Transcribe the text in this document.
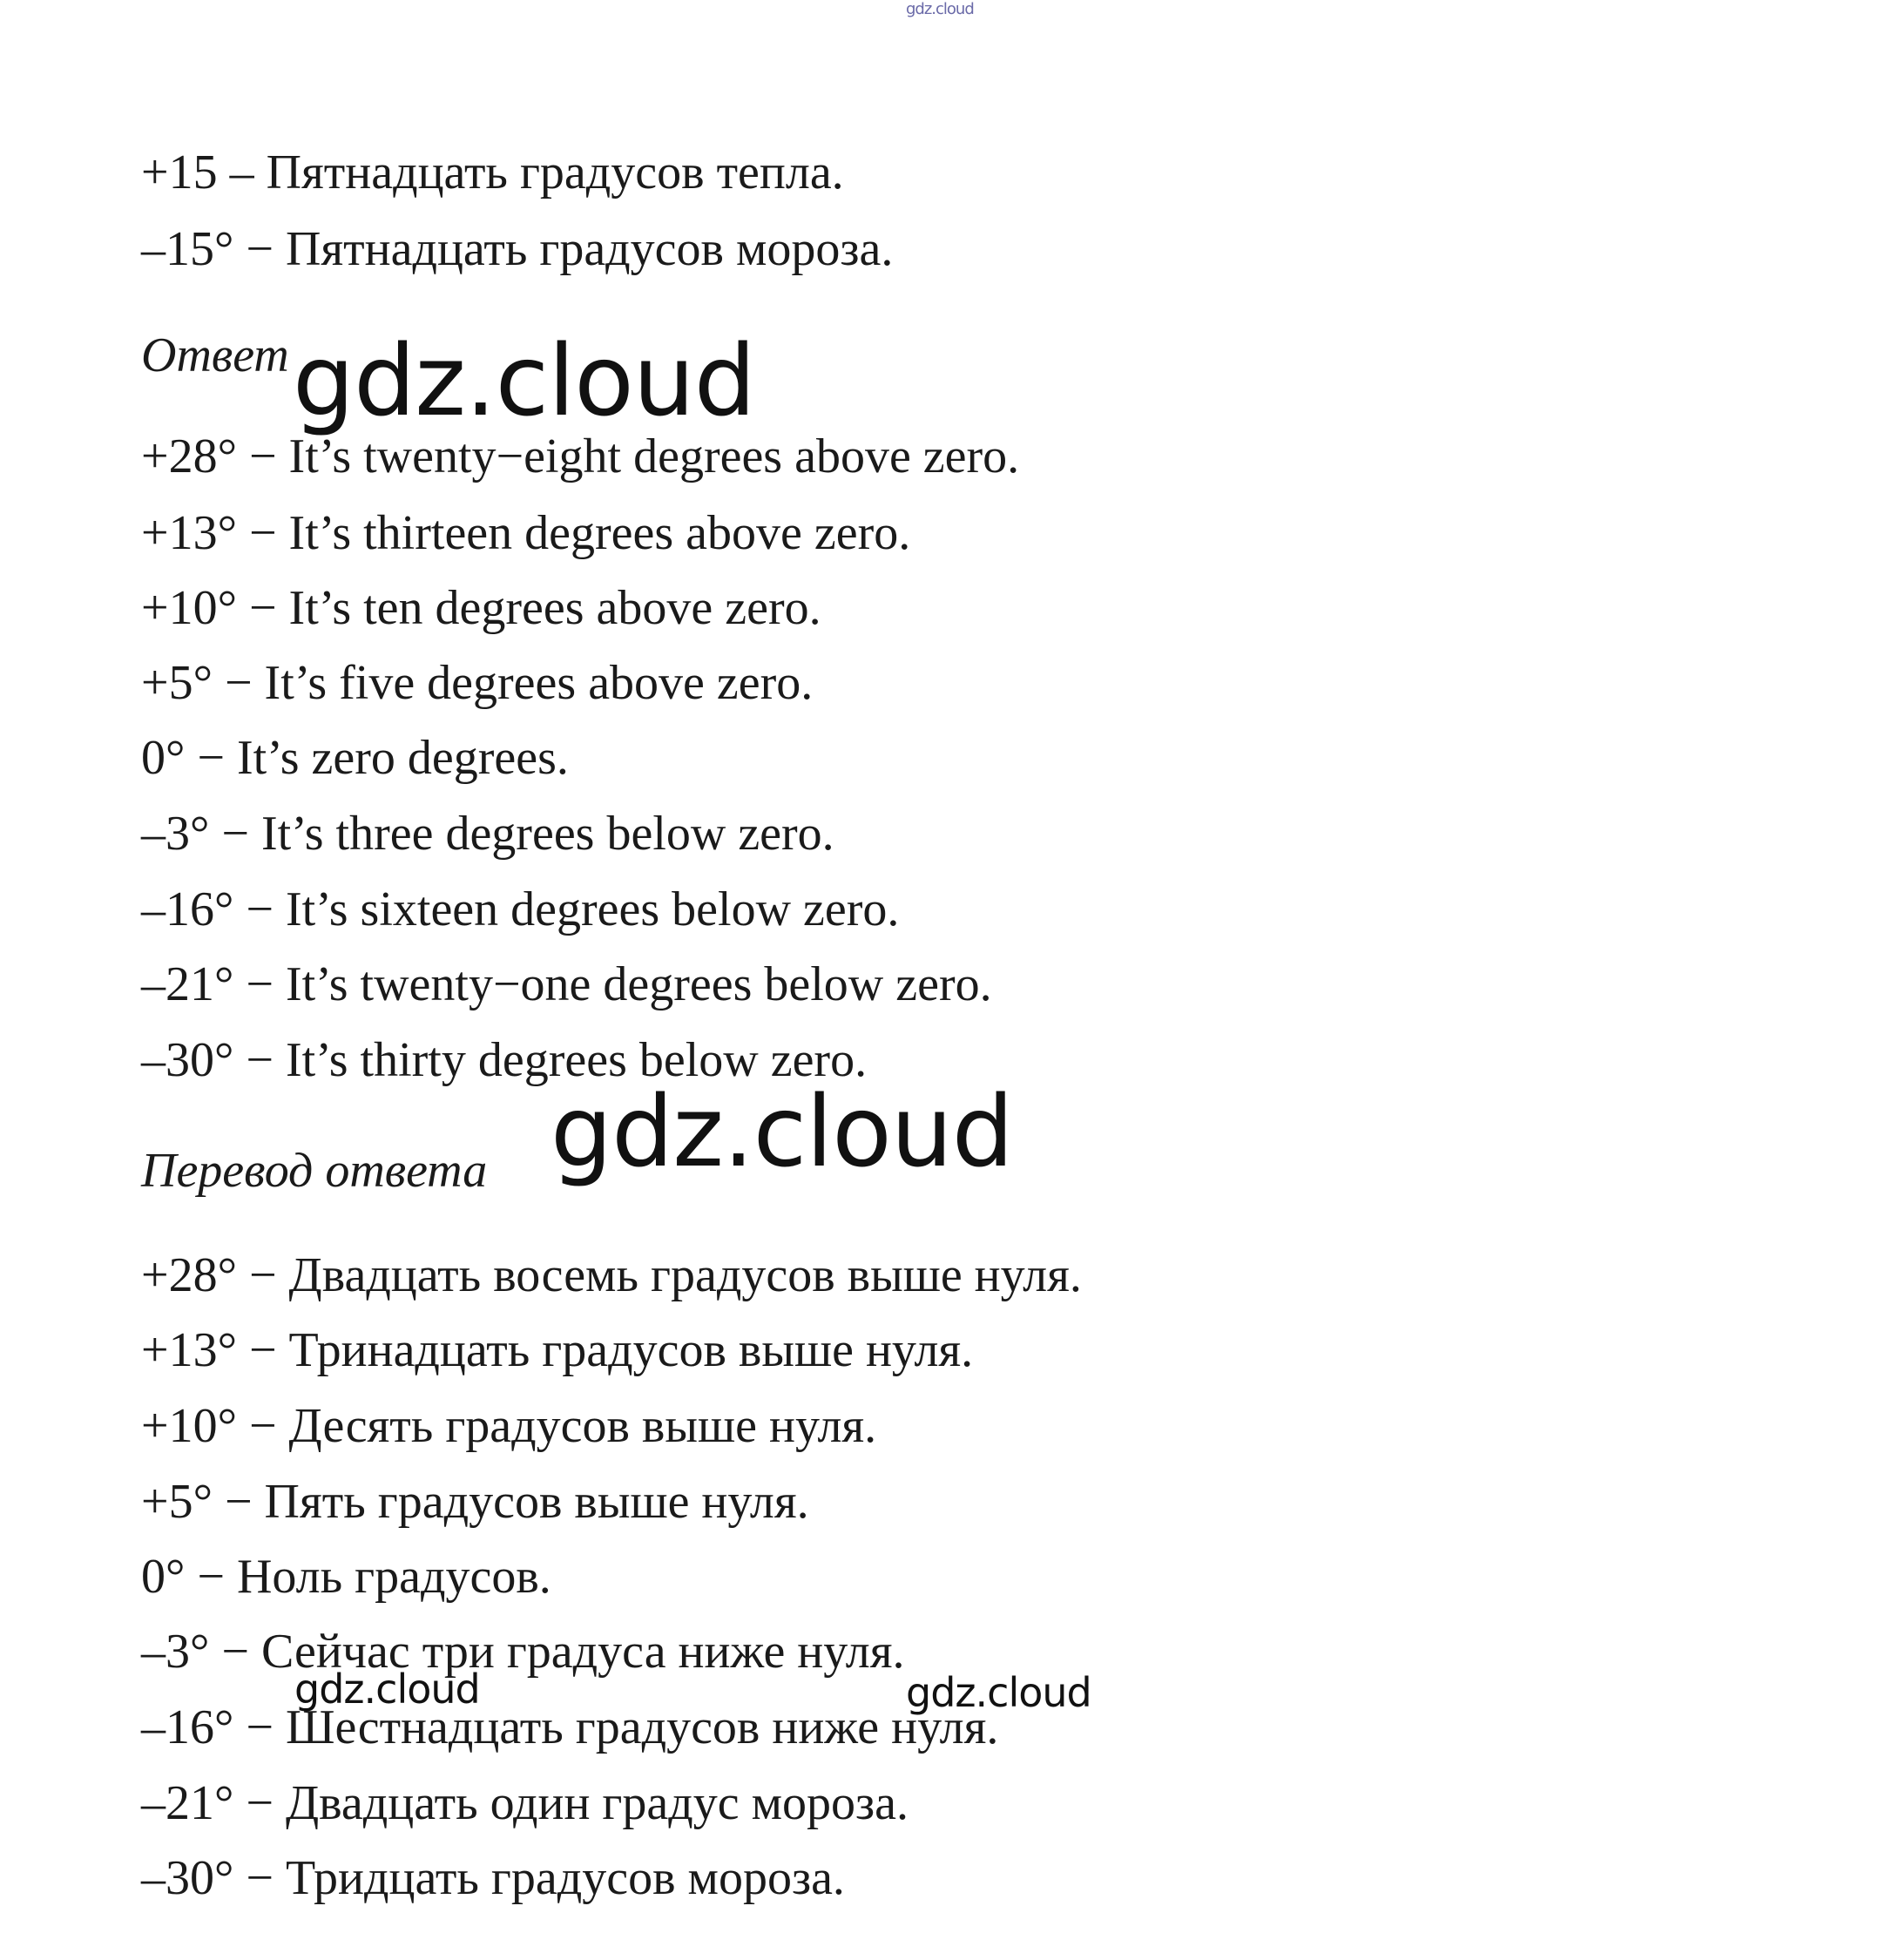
gdz.cloud
+15 – Пятнадцать градусов тепла.
–15° − Пятнадцать градусов мороза.
Ответ gdz.cloud
+28° − It’s twenty−eight degrees above zero.
+13° − It’s thirteen degrees above zero.
+10° − It’s ten degrees above zero.
+5° − It’s five degrees above zero.
0° − It’s zero degrees.
–3° − It’s three degrees below zero.
–16° − It’s sixteen degrees below zero.
–21° − It’s twenty−one degrees below zero.
–30° − It’s thirty degrees below zero.
gdz.cloud
Перевод ответа
+28° − Двадцать восемь градусов выше нуля.
+13° − Тринадцать градусов выше нуля.
+10° − Десять градусов выше нуля.
+5° − Пять градусов выше нуля.
0° − Ноль градусов.
–3° − Сейчас три градуса ниже нуля.
gdz.cloud	gdz.cloud
–16° − Шестнадцать градусов ниже нуля.
–21° − Двадцать один градус мороза.
–30° − Тридцать градусов мороза.
